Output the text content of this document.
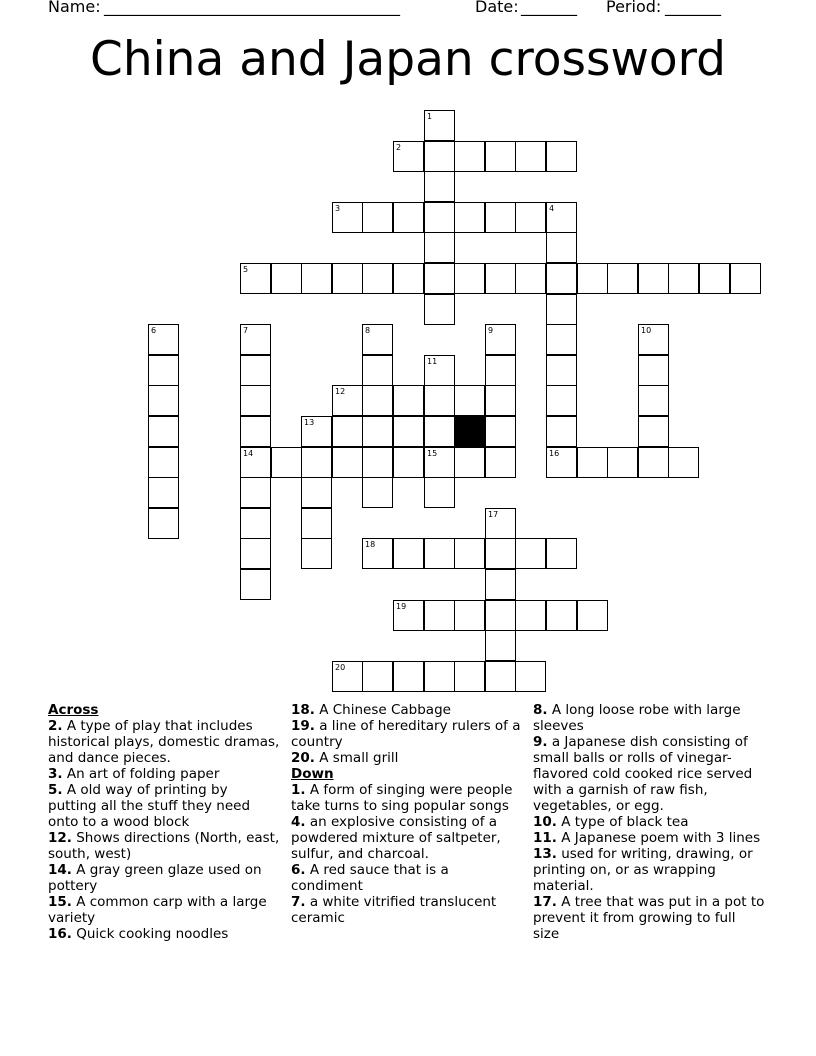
Name: _____________________________________	Date: _______ Period: _______
China and Japan crossword
1
2
3	4
16
5
6	7
14
8	9	10
11
15
12
13
17
18
19
20
Across
2. A type of play that includes historical plays, domestic dramas, and dance pieces.
3. An art of folding paper
5. A old way of printing by putting all the stuff they need onto to a wood block
12. Shows directions (North, east, south, west)
14. A gray green glaze used on pottery
15. A common carp with a large variety
16. Quick cooking noodles
18. A Chinese Cabbage
19. a line of hereditary rulers of a country
20. A small grill
Down
1. A form of singing were people take turns to sing popular songs
4. an explosive consisting of a powdered mixture of saltpeter, sulfur, and charcoal.
6. A red sauce that is a condiment
7. a white vitrified translucent ceramic
8. A long loose robe with large sleeves
9. a Japanese dish consisting of small balls or rolls of vinegar-flavored cold cooked rice served with a garnish of raw fish, vegetables, or egg.
10. A type of black tea
11. A Japanese poem with 3 lines
13. used for writing, drawing, or printing on, or as wrapping material.
17. A tree that was put in a pot to prevent it from growing to full size
